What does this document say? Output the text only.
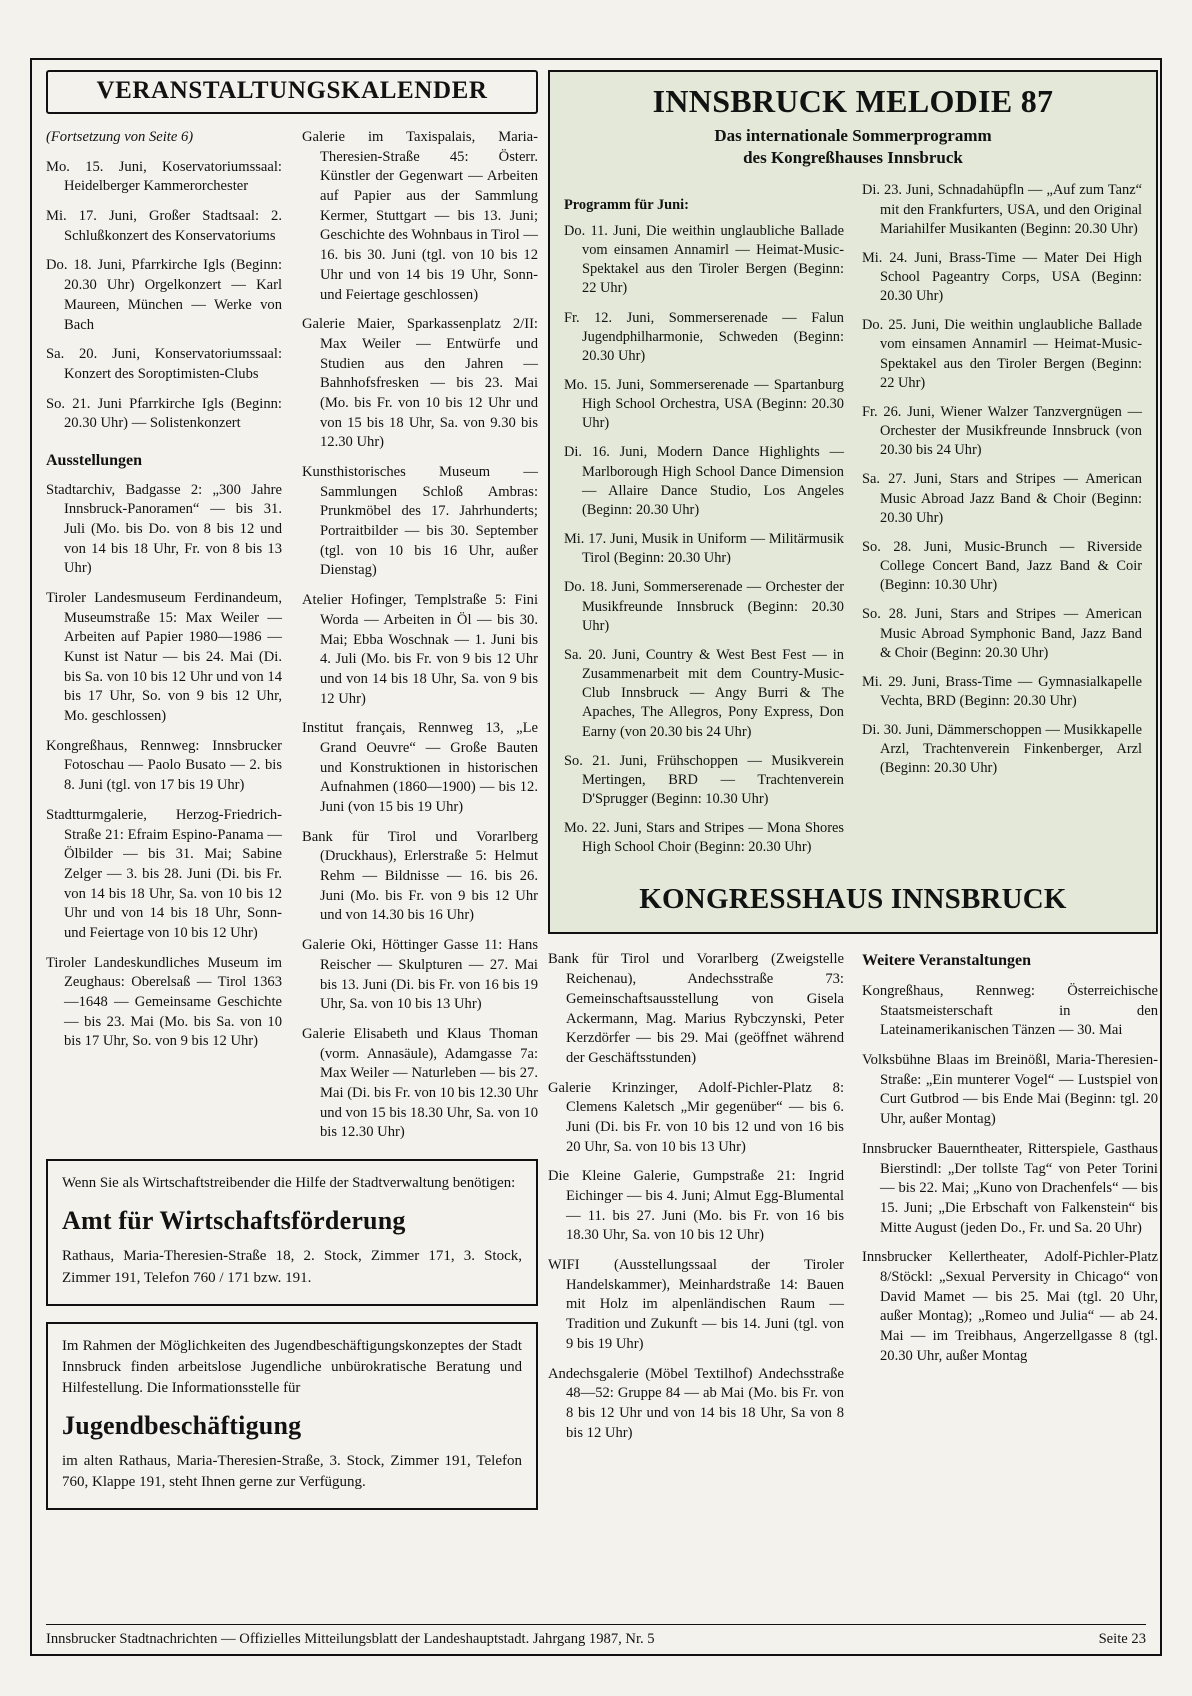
VERANSTALTUNGSKALENDER

(Fortsetzung von Seite 6)

Mo. 15. Juni, Koservatoriumssaal: Heidelberger Kammerorchester

Mi. 17. Juni, Großer Stadtsaal: 2. Schlußkonzert des Konservatoriums

Do. 18. Juni, Pfarrkirche Igls (Beginn: 20.30 Uhr) Orgelkonzert — Karl Maureen, München — Werke von Bach

Sa. 20. Juni, Konservatoriumssaal: Konzert des Soroptimisten-Clubs

So. 21. Juni Pfarrkirche Igls (Beginn: 20.30 Uhr) — Solistenkonzert

Ausstellungen

Stadtarchiv, Badgasse 2: „300 Jahre Innsbruck-Panoramen“ — bis 31. Juli (Mo. bis Do. von 8 bis 12 und von 14 bis 18 Uhr, Fr. von 8 bis 13 Uhr)

Tiroler Landesmuseum Ferdinandeum, Museumstraße 15: Max Weiler — Arbeiten auf Papier 1980—1986 — Kunst ist Natur — bis 24. Mai (Di. bis Sa. von 10 bis 12 Uhr und von 14 bis 17 Uhr, So. von 9 bis 12 Uhr, Mo. geschlossen)

Kongreßhaus, Rennweg: Innsbrucker Fotoschau — Paolo Busato — 2. bis 8. Juni (tgl. von 17 bis 19 Uhr)

Stadtturmgalerie, Herzog-Friedrich-Straße 21: Efraim Espino-Panama — Ölbilder — bis 31. Mai; Sabine Zelger — 3. bis 28. Juni (Di. bis Fr. von 14 bis 18 Uhr, Sa. von 10 bis 12 Uhr und von 14 bis 18 Uhr, Sonn- und Feiertage von 10 bis 12 Uhr)

Tiroler Landeskundliches Museum im Zeughaus: Oberelsaß — Tirol 1363—1648 — Gemeinsame Geschichte — bis 23. Mai (Mo. bis Sa. von 10 bis 17 Uhr, So. von 9 bis 12 Uhr)

Galerie im Taxispalais, Maria-Theresien-Straße 45: Österr. Künstler der Gegenwart — Arbeiten auf Papier aus der Sammlung Kermer, Stuttgart — bis 13. Juni; Geschichte des Wohnbaus in Tirol — 16. bis 30. Juni (tgl. von 10 bis 12 Uhr und von 14 bis 19 Uhr, Sonn- und Feiertage geschlossen)

Galerie Maier, Sparkassenplatz 2/II: Max Weiler — Entwürfe und Studien aus den Jahren — Bahnhofsfresken — bis 23. Mai (Mo. bis Fr. von 10 bis 12 Uhr und von 15 bis 18 Uhr, Sa. von 9.30 bis 12.30 Uhr)

Kunsthistorisches Museum — Sammlungen Schloß Ambras: Prunkmöbel des 17. Jahrhunderts; Portraitbilder — bis 30. September (tgl. von 10 bis 16 Uhr, außer Dienstag)

Atelier Hofinger, Templstraße 5: Fini Worda — Arbeiten in Öl — bis 30. Mai; Ebba Woschnak — 1. Juni bis 4. Juli (Mo. bis Fr. von 9 bis 12 Uhr und von 14 bis 18 Uhr, Sa. von 9 bis 12 Uhr)

Institut français, Rennweg 13, „Le Grand Oeuvre“ — Große Bauten und Konstruktionen in historischen Aufnahmen (1860—1900) — bis 12. Juni (von 15 bis 19 Uhr)

Bank für Tirol und Vorarlberg (Druckhaus), Erlerstraße 5: Helmut Rehm — Bildnisse — 16. bis 26. Juni (Mo. bis Fr. von 9 bis 12 Uhr und von 14.30 bis 16 Uhr)

Galerie Oki, Höttinger Gasse 11: Hans Reischer — Skulpturen — 27. Mai bis 13. Juni (Di. bis Fr. von 16 bis 19 Uhr, Sa. von 10 bis 13 Uhr)

Galerie Elisabeth und Klaus Thoman (vorm. Annasäule), Adamgasse 7a: Max Weiler — Naturleben — bis 27. Mai (Di. bis Fr. von 10 bis 12.30 Uhr und von 15 bis 18.30 Uhr, Sa. von 10 bis 12.30 Uhr)

Wenn Sie als Wirtschaftstreibender die Hilfe der Stadtverwaltung benötigen:

Amt für Wirtschaftsförderung

Rathaus, Maria-Theresien-Straße 18, 2. Stock, Zimmer 171, 3. Stock, Zimmer 191, Telefon 760 / 171 bzw. 191.

Im Rahmen der Möglichkeiten des Jugendbeschäftigungskonzeptes der Stadt Innsbruck finden arbeitslose Jugendliche unbürokratische Beratung und Hilfestellung. Die Informationsstelle für

Jugendbeschäftigung

im alten Rathaus, Maria-Theresien-Straße, 3. Stock, Zimmer 191, Telefon 760, Klappe 191, steht Ihnen gerne zur Verfügung.

INNSBRUCK MELODIE 87
Das internationale Sommerprogramm
des Kongreßhauses Innsbruck

Programm für Juni:

Do. 11. Juni, Die weithin unglaubliche Ballade vom einsamen Annamirl — Heimat-Music-Spektakel aus den Tiroler Bergen (Beginn: 22 Uhr)

Fr. 12. Juni, Sommerserenade — Falun Jugendphilharmonie, Schweden (Beginn: 20.30 Uhr)

Mo. 15. Juni, Sommerserenade — Spartanburg High School Orchestra, USA (Beginn: 20.30 Uhr)

Di. 16. Juni, Modern Dance Highlights — Marlborough High School Dance Dimension — Allaire Dance Studio, Los Angeles (Beginn: 20.30 Uhr)

Mi. 17. Juni, Musik in Uniform — Militärmusik Tirol (Beginn: 20.30 Uhr)

Do. 18. Juni, Sommerserenade — Orchester der Musikfreunde Innsbruck (Beginn: 20.30 Uhr)

Sa. 20. Juni, Country & West Best Fest — in Zusammenarbeit mit dem Country-Music-Club Innsbruck — Angy Burri & The Apaches, The Allegros, Pony Express, Don Earny (von 20.30 bis 24 Uhr)

So. 21. Juni, Frühschoppen — Musikverein Mertingen, BRD — Trachtenverein D'Sprugger (Beginn: 10.30 Uhr)

Mo. 22. Juni, Stars and Stripes — Mona Shores High School Choir (Beginn: 20.30 Uhr)

Di. 23. Juni, Schnadahüpfln — „Auf zum Tanz“ mit den Frankfurters, USA, und den Original Mariahilfer Musikanten (Beginn: 20.30 Uhr)

Mi. 24. Juni, Brass-Time — Mater Dei High School Pageantry Corps, USA (Beginn: 20.30 Uhr)

Do. 25. Juni, Die weithin unglaubliche Ballade vom einsamen Annamirl — Heimat-Music-Spektakel aus den Tiroler Bergen (Beginn: 22 Uhr)

Fr. 26. Juni, Wiener Walzer Tanzvergnügen — Orchester der Musikfreunde Innsbruck (von 20.30 bis 24 Uhr)

Sa. 27. Juni, Stars and Stripes — American Music Abroad Jazz Band & Choir (Beginn: 20.30 Uhr)

So. 28. Juni, Music-Brunch — Riverside College Concert Band, Jazz Band & Coir (Beginn: 10.30 Uhr)

So. 28. Juni, Stars and Stripes — American Music Abroad Symphonic Band, Jazz Band & Choir (Beginn: 20.30 Uhr)

Mi. 29. Juni, Brass-Time — Gymnasialkapelle Vechta, BRD (Beginn: 20.30 Uhr)

Di. 30. Juni, Dämmerschoppen — Musikkapelle Arzl, Trachtenverein Finkenberger, Arzl (Beginn: 20.30 Uhr)

KONGRESSHAUS INNSBRUCK

Bank für Tirol und Vorarlberg (Zweigstelle Reichenau), Andechsstraße 73: Gemeinschaftsausstellung von Gisela Ackermann, Mag. Marius Rybczynski, Peter Kerzdörfer — bis 29. Mai (geöffnet während der Geschäftsstunden)

Galerie Krinzinger, Adolf-Pichler-Platz 8: Clemens Kaletsch „Mir gegenüber“ — bis 6. Juni (Di. bis Fr. von 10 bis 12 und von 16 bis 20 Uhr, Sa. von 10 bis 13 Uhr)

Die Kleine Galerie, Gumpstraße 21: Ingrid Eichinger — bis 4. Juni; Almut Egg-Blumental — 11. bis 27. Juni (Mo. bis Fr. von 16 bis 18.30 Uhr, Sa. von 10 bis 12 Uhr)

WIFI (Ausstellungssaal der Tiroler Handelskammer), Meinhardstraße 14: Bauen mit Holz im alpenländischen Raum — Tradition und Zukunft — bis 14. Juni (tgl. von 9 bis 19 Uhr)

Andechsgalerie (Möbel Textilhof) Andechsstraße 48—52: Gruppe 84 — ab Mai (Mo. bis Fr. von 8 bis 12 Uhr und von 14 bis 18 Uhr, Sa von 8 bis 12 Uhr)

Weitere Veranstaltungen

Kongreßhaus, Rennweg: Österreichische Staatsmeisterschaft in den Lateinamerikanischen Tänzen — 30. Mai

Volksbühne Blaas im Breinößl, Maria-Theresien-Straße: „Ein munterer Vogel“ — Lustspiel von Curt Gutbrod — bis Ende Mai (Beginn: tgl. 20 Uhr, außer Montag)

Innsbrucker Bauerntheater, Ritterspiele, Gasthaus Bierstindl: „Der tollste Tag“ von Peter Torini — bis 22. Mai; „Kuno von Drachenfels“ — bis 15. Juni; „Die Erbschaft von Falkenstein“ bis Mitte August (jeden Do., Fr. und Sa. 20 Uhr)

Innsbrucker Kellertheater, Adolf-Pichler-Platz 8/Stöckl: „Sexual Perversity in Chicago“ von David Mamet — bis 25. Mai (tgl. 20 Uhr, außer Montag); „Romeo und Julia“ — ab 24. Mai — im Treibhaus, Angerzellgasse 8 (tgl. 20.30 Uhr, außer Montag

Innsbrucker Stadtnachrichten — Offizielles Mitteilungsblatt der Landeshauptstadt. Jahrgang 1987, Nr. 5	Seite 23
